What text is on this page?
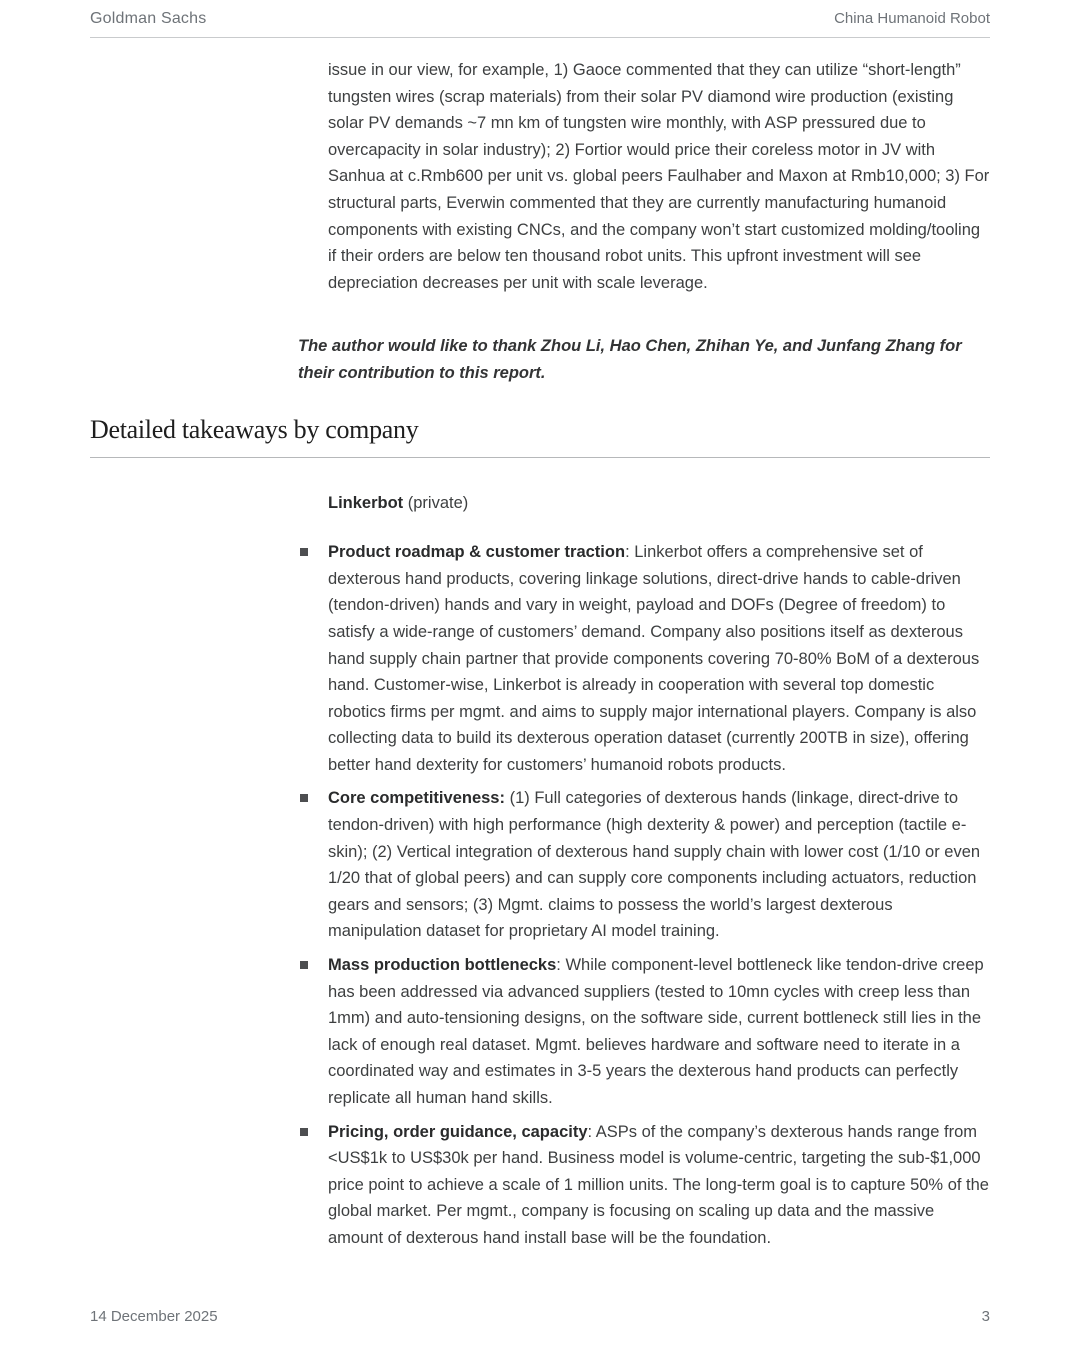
Goldman Sachs	China Humanoid Robot

issue in our view, for example, 1) Gaoce commented that they can utilize “short-length” tungsten wires (scrap materials) from their solar PV diamond wire production (existing solar PV demands ~7 mn km of tungsten wire monthly, with ASP pressured due to overcapacity in solar industry); 2) Fortior would price their coreless motor in JV with Sanhua at c.Rmb600 per unit vs. global peers Faulhaber and Maxon at Rmb10,000; 3) For structural parts, Everwin commented that they are currently manufacturing humanoid components with existing CNCs, and the company won’t start customized molding/tooling if their orders are below ten thousand robot units. This upfront investment will see depreciation decreases per unit with scale leverage.

The author would like to thank Zhou Li, Hao Chen, Zhihan Ye, and Junfang Zhang for their contribution to this report.

Detailed takeaways by company

Linkerbot (private)

Product roadmap & customer traction: Linkerbot offers a comprehensive set of dexterous hand products, covering linkage solutions, direct-drive hands to cable-driven (tendon-driven) hands and vary in weight, payload and DOFs (Degree of freedom) to satisfy a wide-range of customers’ demand. Company also positions itself as dexterous hand supply chain partner that provide components covering 70-80% BoM of a dexterous hand. Customer-wise, Linkerbot is already in cooperation with several top domestic robotics firms per mgmt. and aims to supply major international players. Company is also collecting data to build its dexterous operation dataset (currently 200TB in size), offering better hand dexterity for customers’ humanoid robots products.
Core competitiveness: (1) Full categories of dexterous hands (linkage, direct-drive to tendon-driven) with high performance (high dexterity & power) and perception (tactile e-skin); (2) Vertical integration of dexterous hand supply chain with lower cost (1/10 or even 1/20 that of global peers) and can supply core components including actuators, reduction gears and sensors; (3) Mgmt. claims to possess the world’s largest dexterous manipulation dataset for proprietary AI model training.
Mass production bottlenecks: While component-level bottleneck like tendon-drive creep has been addressed via advanced suppliers (tested to 10mn cycles with creep less than 1mm) and auto-tensioning designs, on the software side, current bottleneck still lies in the lack of enough real dataset. Mgmt. believes hardware and software need to iterate in a coordinated way and estimates in 3-5 years the dexterous hand products can perfectly replicate all human hand skills.
Pricing, order guidance, capacity: ASPs of the company’s dexterous hands range from <US$1k to US$30k per hand. Business model is volume-centric, targeting the sub-$1,000 price point to achieve a scale of 1 million units. The long-term goal is to capture 50% of the global market. Per mgmt., company is focusing on scaling up data and the massive amount of dexterous hand install base will be the foundation.
14 December 2025	3
